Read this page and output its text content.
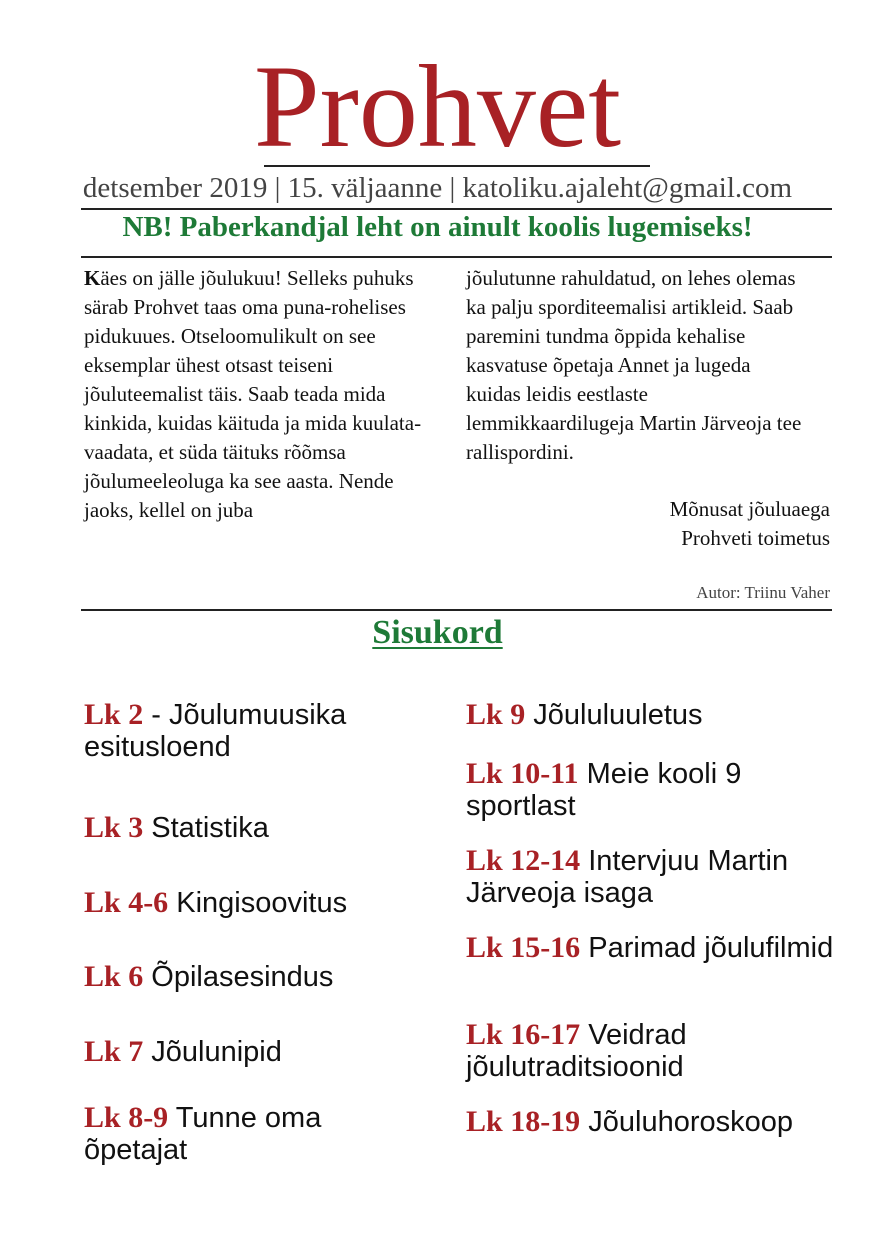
Prohvet
detsember 2019 | 15. väljaanne | katoliku.ajaleht@gmail.com
NB! Paberkandjal leht on ainult koolis lugemiseks!

Käes on jälle jõulukuu! Selleks puhuks särab Prohvet taas oma puna-rohelises pidukuues. Otseloomulikult on see eksemplar ühest otsast teiseni jõuluteemalist täis. Saab teada mida kinkida, kuidas käituda ja mida kuulata-vaadata, et süda täituks rõõmsa jõulumeeleoluga ka see aasta. Nende jaoks, kellel on juba

jõulutunne rahuldatud, on lehes olemas ka palju sporditeemalisi artikleid. Saab paremini tundma õppida kehalise kasvatuse õpetaja Annet ja lugeda kuidas leidis eestlaste lemmikkaardilugeja Martin Järveoja tee rallispordini.

Mõnusat jõuluaega
Prohveti toimetus
Autor: Triinu Vaher
Sisukord
Lk 2 - Jõulumuusika esitusloend
Lk 3 Statistika
Lk 4-6 Kingisoovitus
Lk 6 Õpilasesindus
Lk 7 Jõulunipid
Lk 8-9 Tunne oma õpetajat
Lk 9 Jõululuuletus
Lk 10-11 Meie kooli 9 sportlast
Lk 12-14 Intervjuu Martin Järveoja isaga
Lk 15-16 Parimad jõulufilmid
Lk 16-17 Veidrad jõulutraditsioonid
Lk 18-19 Jõuluhoroskoop
